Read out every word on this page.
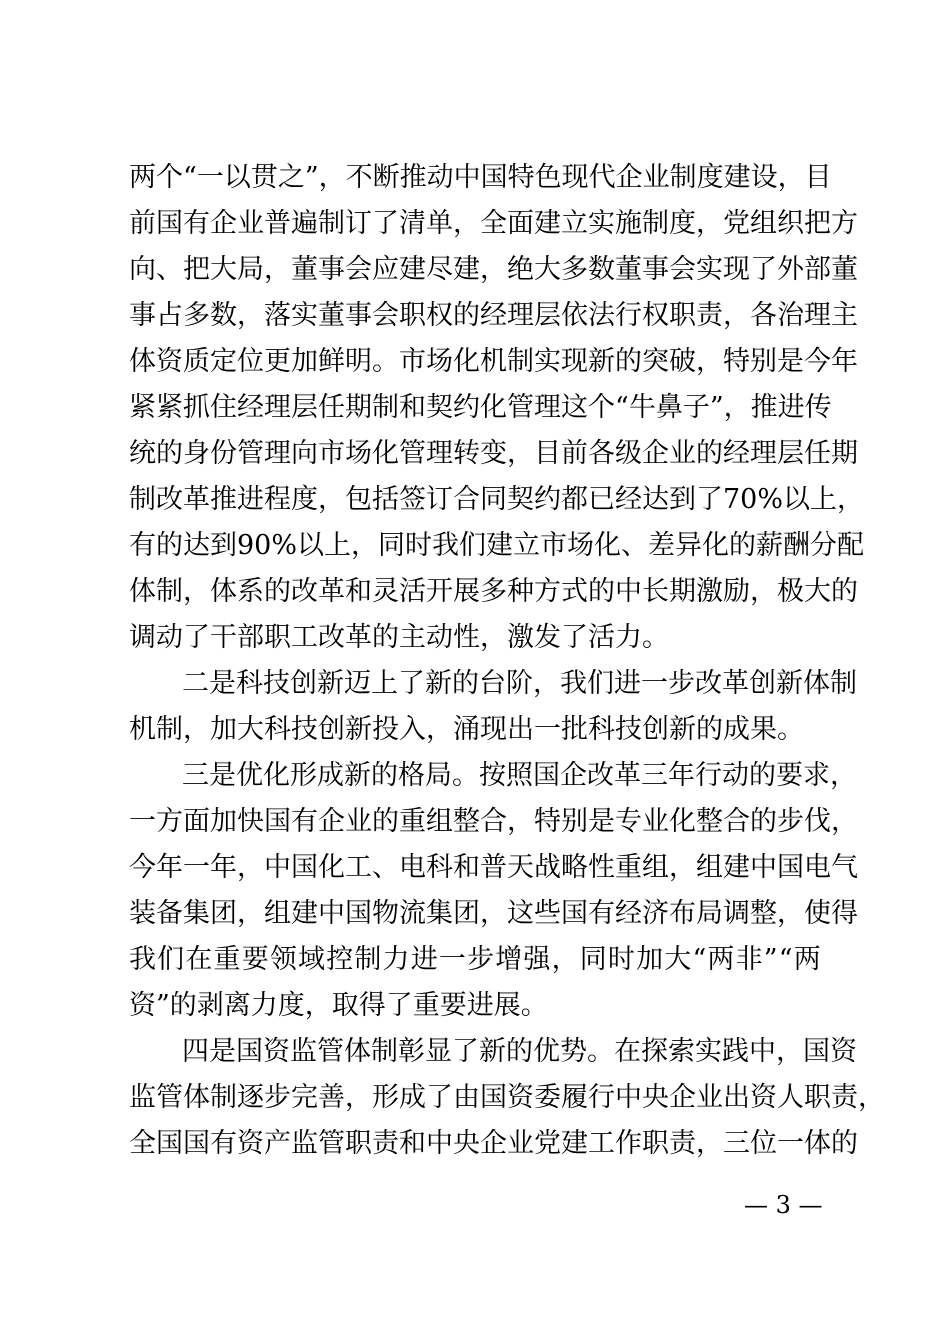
两 个 “ 一 以 贯 之 ” ， 不 断 推 动 中 国 特 色 现 代 企 业 制 度 建 设 ， 目
前 国 有 企 业 普 遍 制 订 了 清 单 ， 全 面 建 立 实 施 制 度 ， 党 组 织 把 方
向 、 把 大 局 ， 董 事 会 应 建 尽 建 ， 绝 大 多 数 董 事 会 实 现 了 外 部 董
事 占 多 数 ， 落 实 董 事 会 职 权 的 经 理 层 依 法 行 权 职 责 ， 各 治 理 主
体 资 质 定 位 更 加 鲜 明 。 市 场 化 机 制 实 现 新 的 突 破 ， 特 别 是 今 年
紧 紧 抓 住 经 理 层 任 期 制 和 契 约 化 管 理 这 个 “ 牛 鼻 子 ” ， 推 进 传
统 的 身 份 管 理 向 市 场 化 管 理 转 变 ， 目 前 各 级 企 业 的 经 理 层 任 期
制 改 革 推 进 程 度 ， 包 括 签 订 合 同 契 约 都 已 经 达 到 了 70% 以 上 ，
有 的 达 到 90% 以 上 ， 同 时 我 们 建 立 市 场 化 、 差 异 化 的 薪 酬 分 配
体 制 ， 体 系 的 改 革 和 灵 活 开 展 多 种 方 式 的 中 长 期 激 励 ， 极 大 的
调动了干部职工改革的主动性，激发了活力。
二 是 科 技 创 新 迈 上 了 新 的 台 阶 ， 我 们 进 一 步 改 革 创 新 体 制
机制，加大科技创新投入，涌现出一批科技创新的成果。
三 是 优 化 形 成 新 的 格 局 。 按 照 国 企 改 革 三 年 行 动 的 要 求 ，
一 方 面 加 快 国 有 企 业 的 重 组 整 合 ， 特 别 是 专 业 化 整 合 的 步 伐 ，
今 年 一 年 ， 中 国 化 工 、 电 科 和 普 天 战 略 性 重 组 ， 组 建 中 国 电 气
装 备 集 团 ， 组 建 中 国 物 流 集 团 ， 这 些 国 有 经 济 布 局 调 整 ， 使 得
我 们 在 重 要 领 域 控 制 力 进 一 步 增 强 ， 同 时 加 大 “ 两 非 ” “ 两
资”的剥离力度，取得了重要进展。
四 是 国 资 监 管 体 制 彰 显 了 新 的 优 势 。 在 探 索 实 践 中 ， 国 资
监 管 体 制 逐 步 完 善 ， 形 成 了 由 国 资 委 履 行 中 央 企 业 出 资 人 职 责 ，
全 国 国 有 资 产 监 管 职 责 和 中 央 企 业 党 建 工 作 职 责 ， 三 位 一 体 的
— 3 —
